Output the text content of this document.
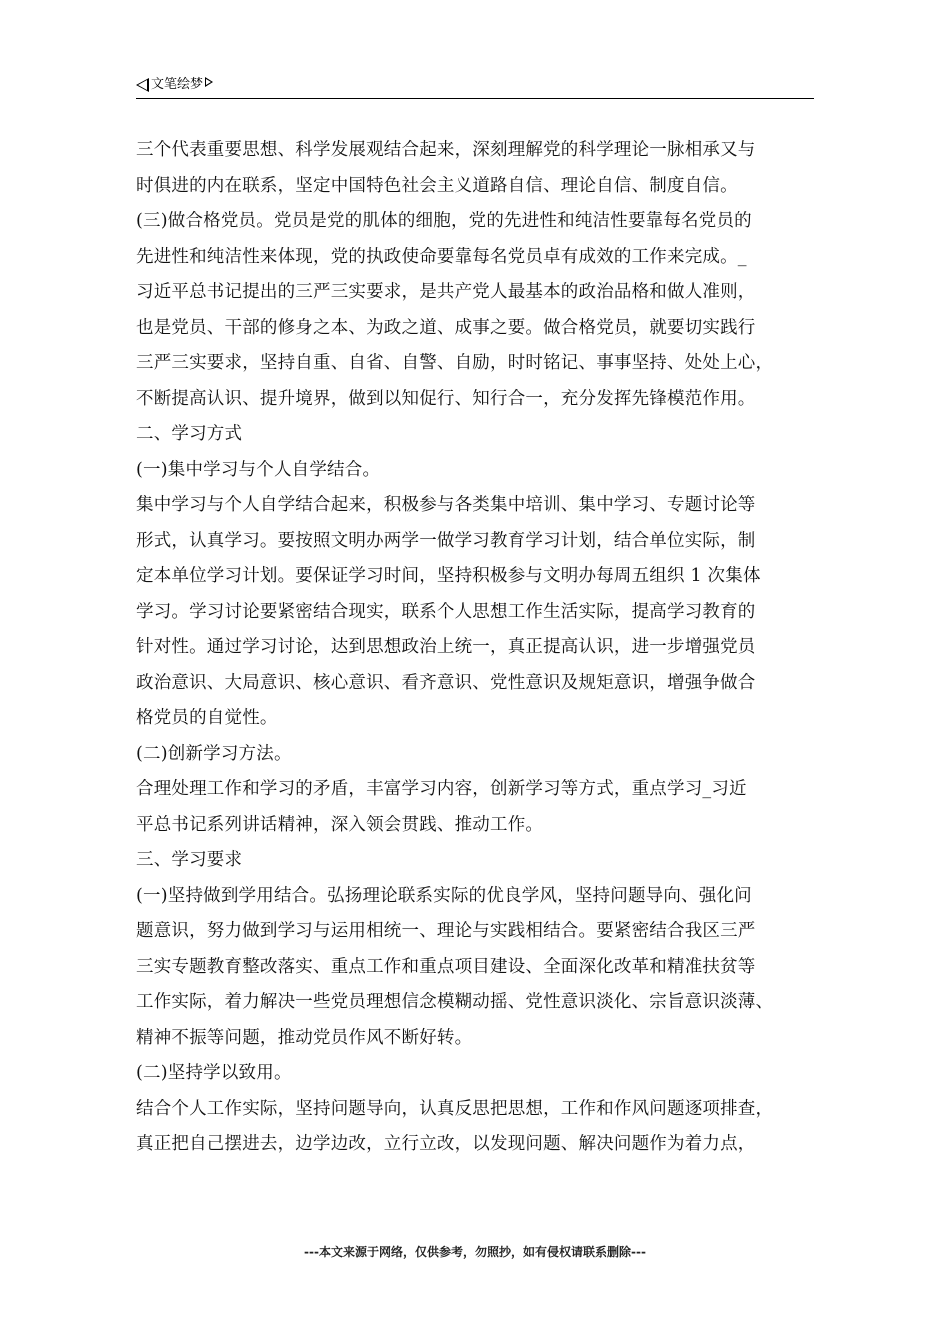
文笔绘梦
三个代表重要思想、科学发展观结合起来，深刻理解党的科学理论一脉相承又与
时俱进的内在联系，坚定中国特色社会主义道路自信、理论自信、制度自信。
(三)做合格党员。党员是党的肌体的细胞，党的先进性和纯洁性要靠每名党员的
先进性和纯洁性来体现，党的执政使命要靠每名党员卓有成效的工作来完成。_
习近平总书记提出的三严三实要求，是共产党人最基本的政治品格和做人准则，
也是党员、干部的修身之本、为政之道、成事之要。做合格党员，就要切实践行
三严三实要求，坚持自重、自省、自警、自励，时时铭记、事事坚持、处处上心，
不断提高认识、提升境界，做到以知促行、知行合一，充分发挥先锋模范作用。
二、学习方式
(一)集中学习与个人自学结合。
集中学习与个人自学结合起来，积极参与各类集中培训、集中学习、专题讨论等
形式，认真学习。要按照文明办两学一做学习教育学习计划，结合单位实际，制
定本单位学习计划。要保证学习时间，坚持积极参与文明办每周五组织 1 次集体
学习。学习讨论要紧密结合现实，联系个人思想工作生活实际，提高学习教育的
针对性。通过学习讨论，达到思想政治上统一，真正提高认识，进一步增强党员
政治意识、大局意识、核心意识、看齐意识、党性意识及规矩意识，增强争做合
格党员的自觉性。
(二)创新学习方法。
合理处理工作和学习的矛盾，丰富学习内容，创新学习等方式，重点学习_习近
平总书记系列讲话精神，深入领会贯践、推动工作。
三、学习要求
(一)坚持做到学用结合。弘扬理论联系实际的优良学风，坚持问题导向、强化问
题意识，努力做到学习与运用相统一、理论与实践相结合。要紧密结合我区三严
三实专题教育整改落实、重点工作和重点项目建设、全面深化改革和精准扶贫等
工作实际，着力解决一些党员理想信念模糊动摇、党性意识淡化、宗旨意识淡薄、
精神不振等问题，推动党员作风不断好转。
(二)坚持学以致用。
结合个人工作实际，坚持问题导向，认真反思把思想，工作和作风问题逐项排查，
真正把自己摆进去，边学边改，立行立改，以发现问题、解决问题作为着力点，
---本文来源于网络，仅供参考，勿照抄，如有侵权请联系删除---
